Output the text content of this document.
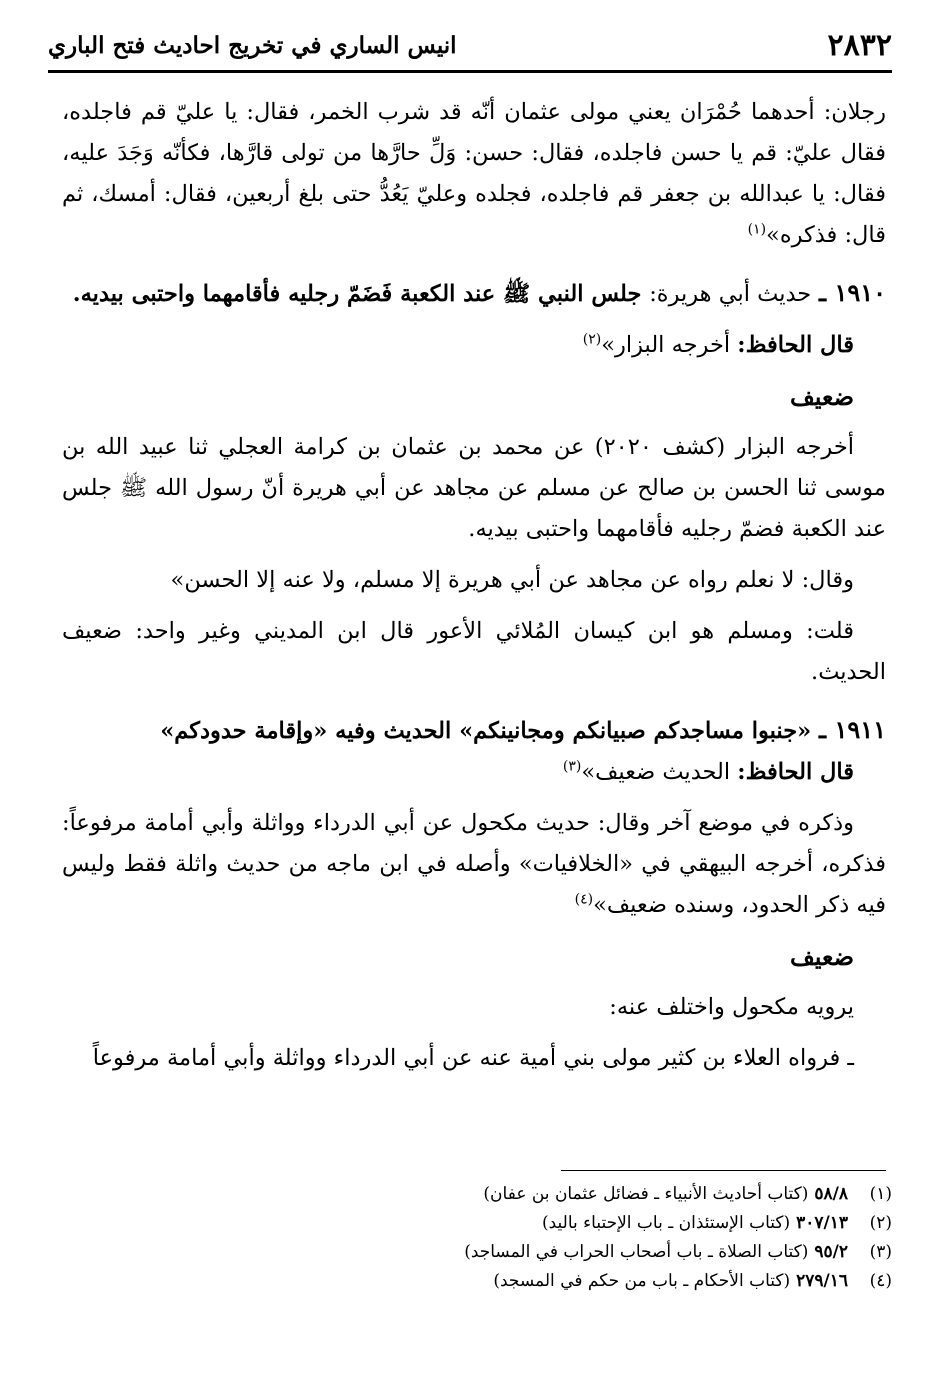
٢٨٣٢
انيس الساري في تخريج احاديث فتح الباري

رجلان: أحدهما حُمْرَان يعني مولى عثمان أنّه قد شرب الخمر، فقال: يا عليّ قم فاجلده، فقال عليّ: قم يا حسن فاجلده، فقال: حسن: وَلِّ حارَّها من تولى قارَّها، فكأنّه وَجَدَ عليه، فقال: يا عبدالله بن جعفر قم فاجلده، فجلده وعليّ يَعُدُّ حتى بلغ أربعين، فقال: أمسك، ثم قال: فذكره»$^{(١)}$

١٩١٠ ـ حديث أبي هريرة: جلس النبي ﷺ عند الكعبة فَضَمّ رجليه فأقامهما واحتبى بيديه.

قال الحافظ: أخرجه البزار»$^{(٢)}$

ضعيف

أخرجه البزار (كشف ٢٠٢٠) عن محمد بن عثمان بن كرامة العجلي ثنا عبيد الله بن موسى ثنا الحسن بن صالح عن مسلم عن مجاهد عن أبي هريرة أنّ رسول الله ﷺ جلس عند الكعبة فضمّ رجليه فأقامهما واحتبى بيديه.

وقال: لا نعلم رواه عن مجاهد عن أبي هريرة إلا مسلم، ولا عنه إلا الحسن»

قلت: ومسلم هو ابن كيسان المُلائي الأعور قال ابن المديني وغير واحد: ضعيف الحديث.

١٩١١ ـ «جنبوا مساجدكم صبيانكم ومجانينكم» الحديث وفيه «وإقامة حدودكم»

قال الحافظ: الحديث ضعيف»$^{(٣)}$

وذكره في موضع آخر وقال: حديث مكحول عن أبي الدرداء وواثلة وأبي أمامة مرفوعاً: فذكره، أخرجه البيهقي في «الخلافيات» وأصله في ابن ماجه من حديث واثلة فقط وليس فيه ذكر الحدود، وسنده ضعيف»$^{(٤)}$

ضعيف

يرويه مكحول واختلف عنه:

ـ فرواه العلاء بن كثير مولى بني أمية عنه عن أبي الدرداء وواثلة وأبي أمامة مرفوعاً

(١)
٥٨/٨(كتاب أحاديث الأنبياء ـ فضائل عثمان بن عفان)
(٢)
٣٠٧/١٣(كتاب الإستئذان ـ باب الإحتباء باليد)
(٣)
٩٥/٢(كتاب الصلاة ـ باب أصحاب الحراب في المساجد)
(٤)
٢٧٩/١٦(كتاب الأحكام ـ باب من حكم في المسجد)
